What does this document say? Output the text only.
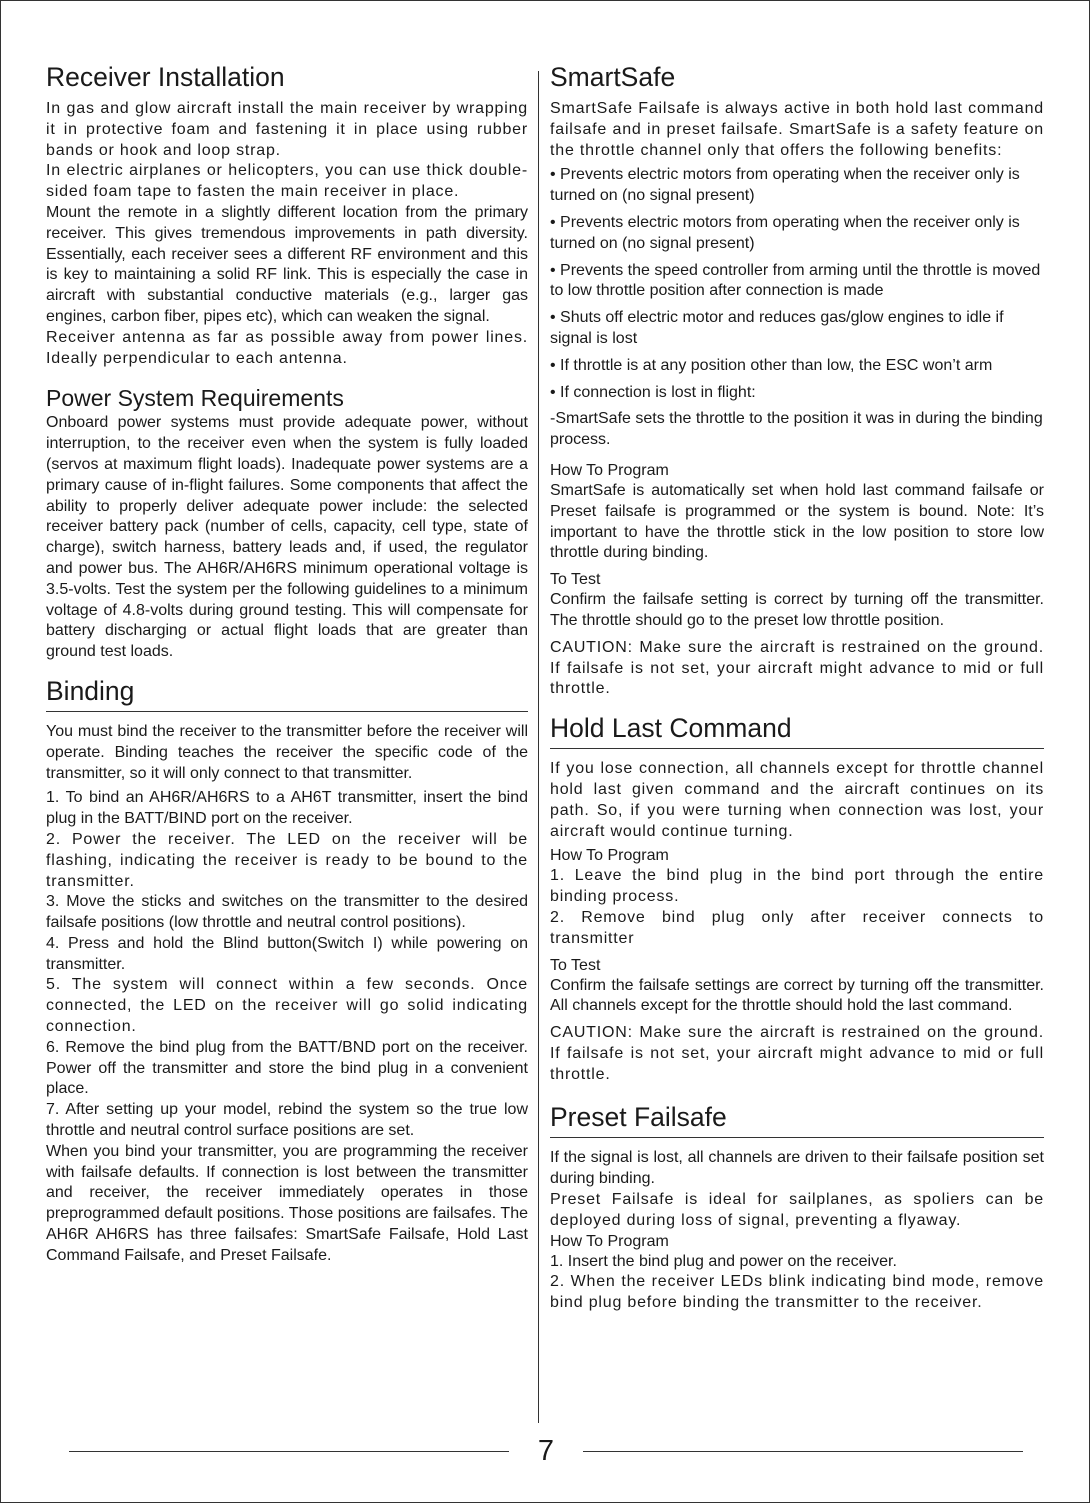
Receiver Installation

In gas and glow aircraft install the main receiver by wrapping it in protective foam and fastening it in place using rubber bands or hook and loop strap.

In electric airplanes or helicopters, you can use thick double-sided foam tape to fasten the main receiver in place.

Mount the remote in a slightly different location from the primary receiver. This gives tremendous improvements in path diversity. Essentially, each receiver sees a different RF environment and this is key to maintaining a solid RF link. This is especially the case in aircraft with substantial conductive materials (e.g., larger gas engines, carbon fiber, pipes etc), which can weaken the signal.

Receiver antenna as far as possible away from power lines. Ideally perpendicular to each antenna.

Power System Requirements

Onboard power systems must provide adequate power, without interruption, to the receiver even when the system is fully loaded (servos at maximum flight loads). Inadequate power systems are a primary cause of in-flight failures. Some components that affect the ability to properly deliver adequate power include: the selected receiver battery pack (number of cells, capacity, cell type, state of charge), switch harness, battery leads and, if used, the regulator and power bus. The AH6R/AH6RS minimum operational voltage is 3.5-volts. Test the system per the following guidelines to a minimum voltage of 4.8-volts during ground testing. This will compensate for battery discharging or actual flight loads that are greater than ground test loads.

Binding

You must bind the receiver to the transmitter before the receiver will operate. Binding teaches the receiver the specific code of the transmitter, so it will only connect to that transmitter.

1. To bind an AH6R/AH6RS to a AH6T transmitter, insert the bind plug in the BATT/BIND port on the receiver.

2. Power the receiver. The LED on the receiver will be flashing, indicating the receiver is ready to be bound to the transmitter.

3. Move the sticks and switches on the transmitter to the desired failsafe positions (low throttle and neutral control positions).

4. Press and hold the Blind button(Switch I) while powering on transmitter.

5. The system will connect within a few seconds. Once connected, the LED on the receiver will go solid indicating connection.

6. Remove the bind plug from the BATT/BND port on the receiver. Power off the transmitter and store the bind plug in a convenient place.

7. After setting up your model, rebind the system so the true low throttle and neutral control surface positions are set.

When you bind your transmitter, you are programming the receiver with failsafe defaults. If connection is lost between the transmitter and receiver, the receiver immediately operates in those preprogrammed default positions. Those positions are failsafes. The AH6R AH6RS has three failsafes: SmartSafe Failsafe, Hold Last Command Failsafe, and Preset Failsafe.

SmartSafe

SmartSafe Failsafe is always active in both hold last command failsafe and in preset failsafe. SmartSafe is a safety feature on the throttle channel only that offers the following benefits:

• Prevents electric motors from operating when the receiver only is turned on (no signal present)

• Prevents electric motors from operating when the receiver only is turned on (no signal present)

• Prevents the speed controller from arming until the throttle is moved to low throttle position after connection is made

• Shuts off electric motor and reduces gas/glow engines to idle if signal is lost

• If throttle is at any position other than low, the ESC won’t arm

• If connection is lost in flight:

-SmartSafe sets the throttle to the position it was in during the binding process.

How To Program

SmartSafe is automatically set when hold last command failsafe or Preset failsafe is programmed or the system is bound. Note: It’s important to have the throttle stick in the low position to store low throttle during binding.

To Test

Confirm the failsafe setting is correct by turning off the transmitter. The throttle should go to the preset low throttle position.

CAUTION: Make sure the aircraft is restrained on the ground. If failsafe is not set, your aircraft might advance to mid or full throttle.

Hold Last Command

If you lose connection, all channels except for throttle channel hold last given command and the aircraft continues on its path. So, if you were turning when connection was lost, your aircraft would continue turning.

How To Program

1. Leave the bind plug in the bind port through the entire binding process.

2. Remove bind plug only after receiver connects to transmitter

To Test

Confirm the failsafe settings are correct by turning off the transmitter. All channels except for the throttle should hold the last command.

CAUTION: Make sure the aircraft is restrained on the ground. If failsafe is not set, your aircraft might advance to mid or full throttle.

Preset Failsafe

If the signal is lost, all channels are driven to their failsafe position set during binding.

Preset Failsafe is ideal for sailplanes, as spoliers can be deployed during loss of signal, preventing a flyaway.

How To Program

1. Insert the bind plug and power on the receiver.

2. When the receiver LEDs blink indicating bind mode, remove bind plug before binding the transmitter to the receiver.

7
